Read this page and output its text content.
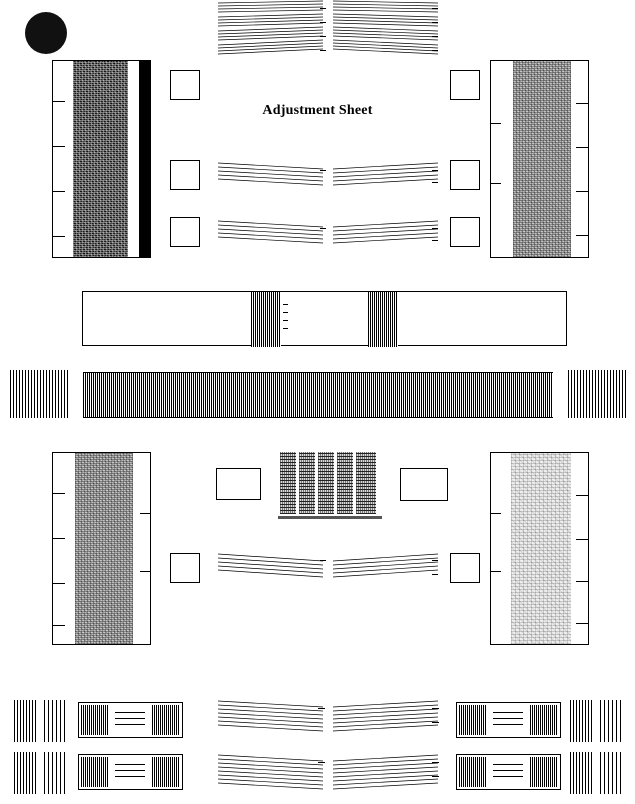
Adjustment Sheet
